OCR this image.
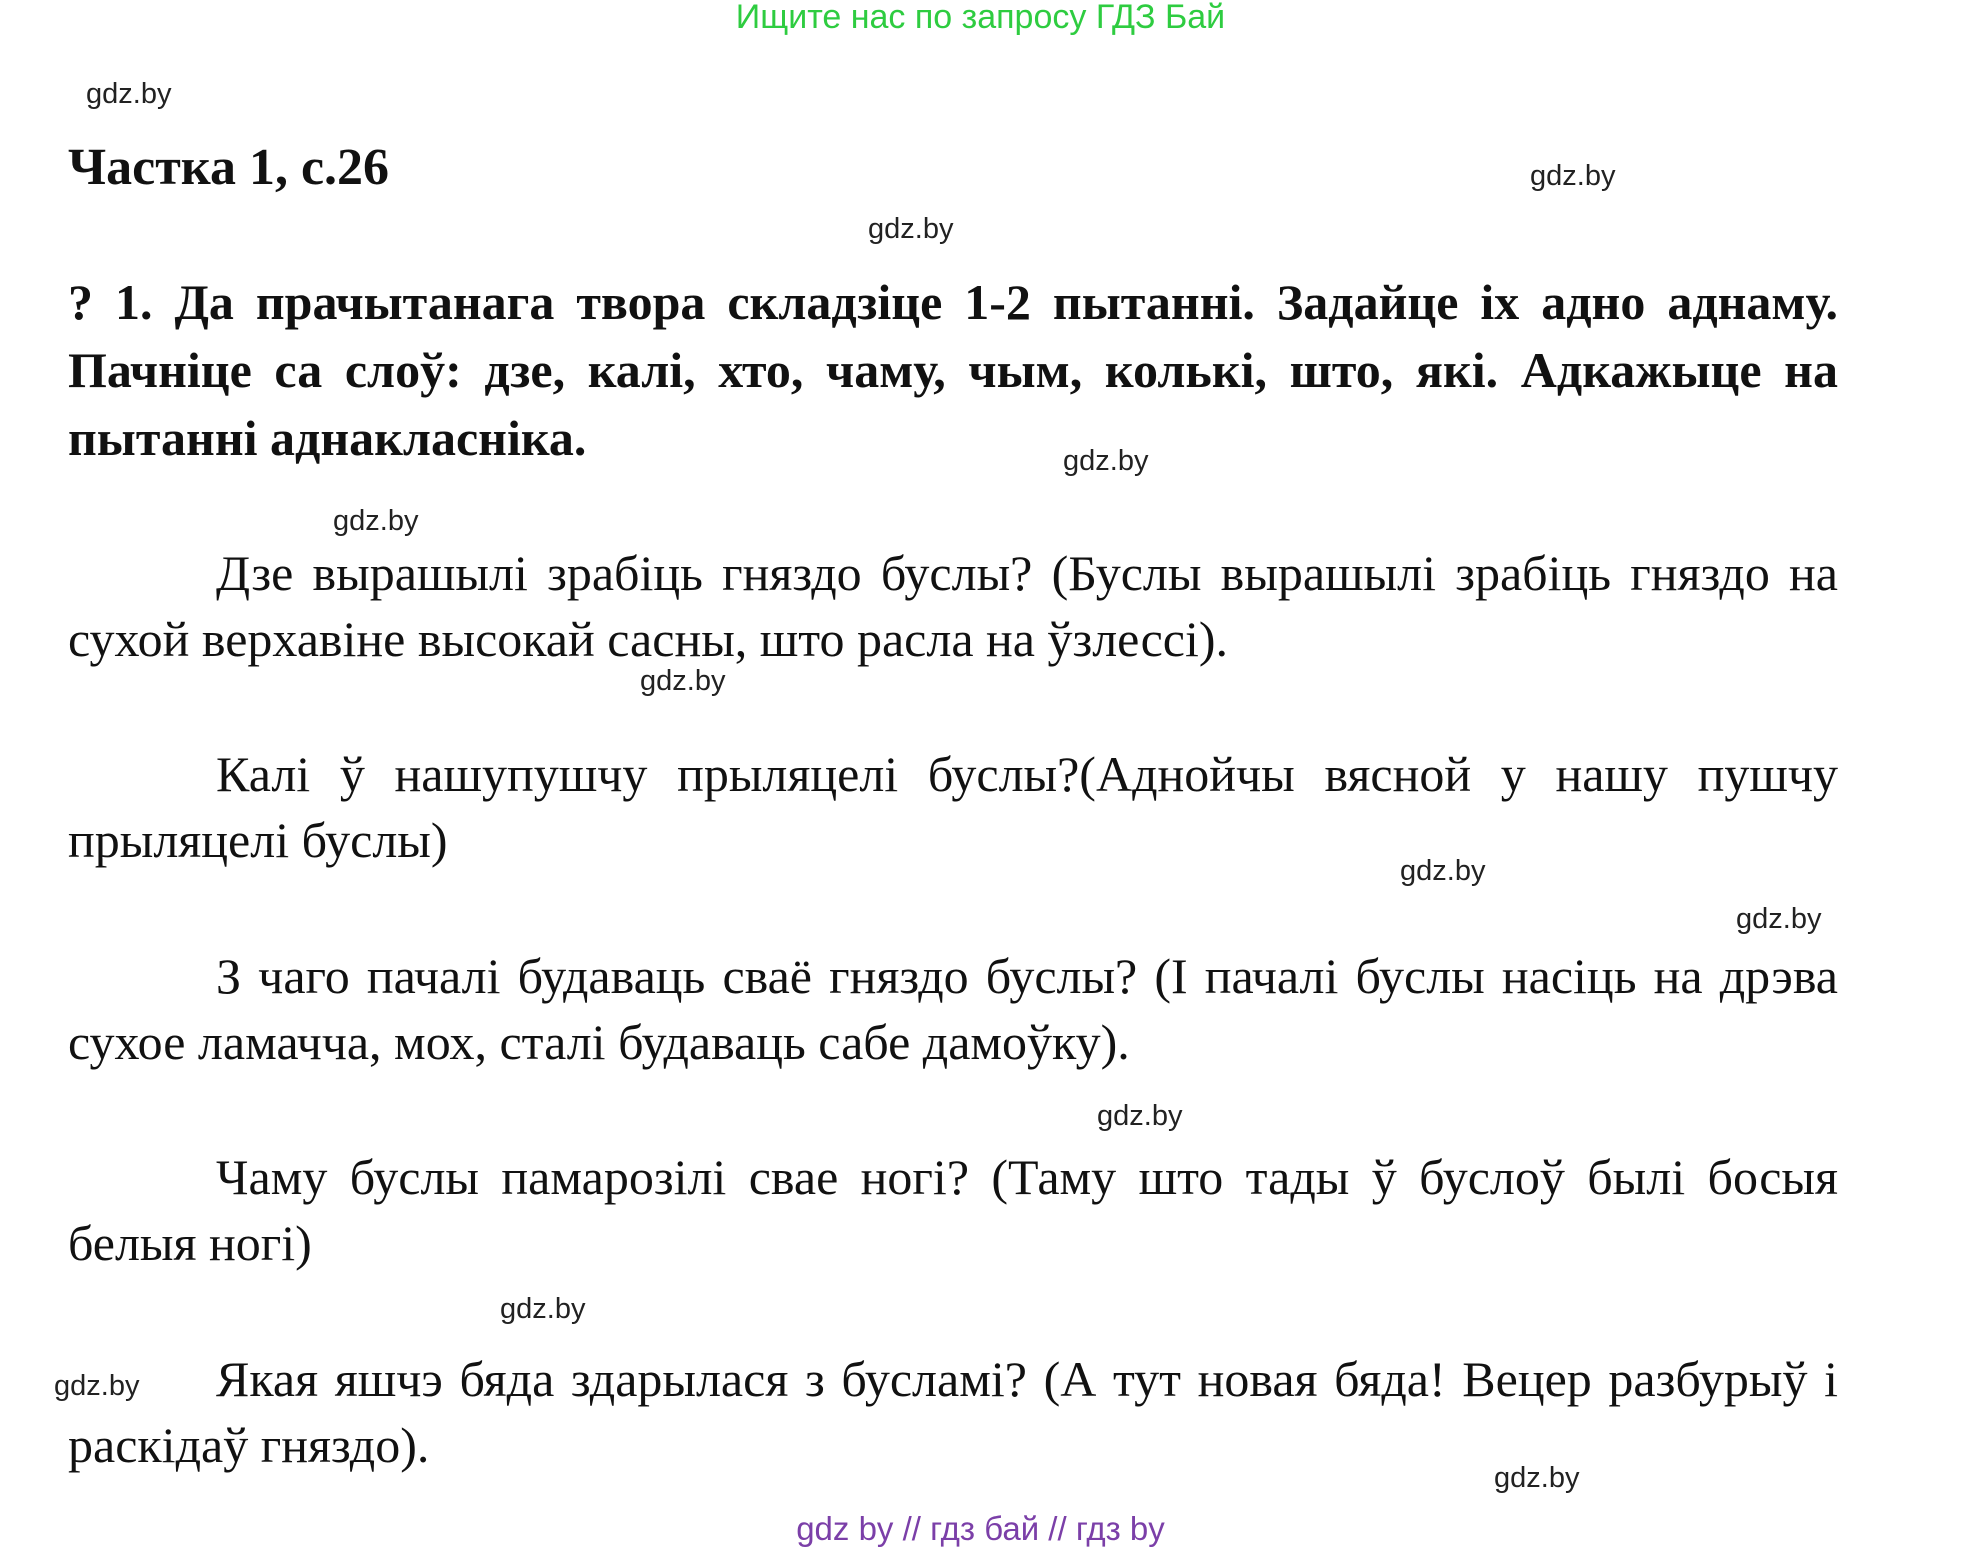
Ищите нас по запросу ГДЗ Бай
gdz.by
Частка 1, с.26	gdz.by
gdz.by

? 1. Да прачытанага твора складзіце 1-2 пытанні. Задайце іх адно аднаму. Пачніце са слоў: дзе, калі, хто, чаму, чым, колькі, што, які. Адкажыце на пытанні аднакласніка.	gdz.by
gdz.by

Дзе вырашылі зрабіць гняздо буслы? (Буслы вырашылі зрабіць гняздо на сухой верхавіне высокай сасны, што расла на ўзлессі).

gdz.by

Калі ў нашупушчу прыляцелі буслы?(Аднойчы вясной у нашу пушчу прыляцелі буслы)

gdz.by
gdz.by

З чаго пачалі будаваць сваё гняздо буслы? (І пачалі буслы насіць на дрэва сухое ламачча, мох, сталі будаваць сабе дамоўку).

gdz.by

Чаму буслы памарозілі свае ногі? (Таму што тады ў буслоў былі босыя белыя ногі)

gdz.by

Якая яшчэ бяда здарылася з бусламі? (А тут новая бяда! Вецер разбурыў і раскідаў гняздо).

gdz.by
gdz.by
gdz by // гдз бай // гдз by
